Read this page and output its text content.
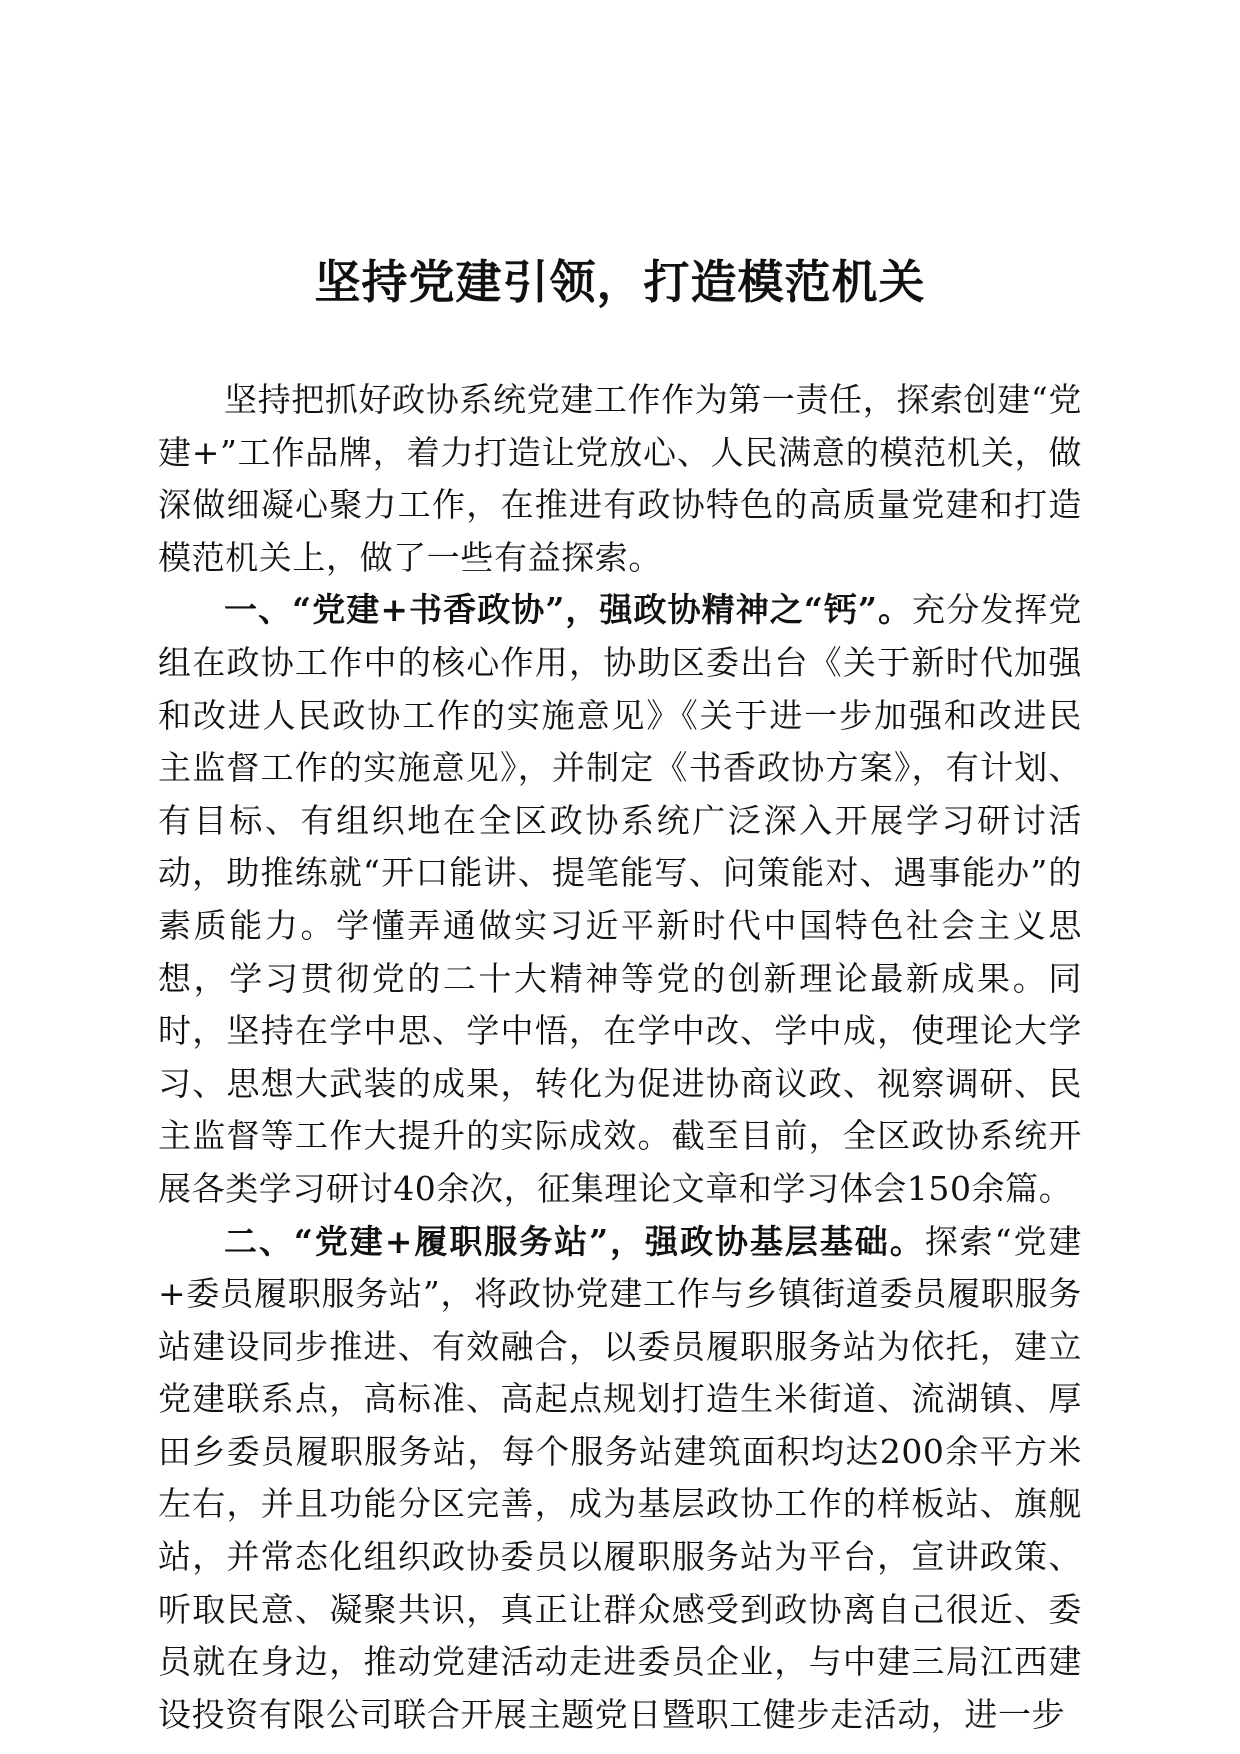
坚持党建引领，打造模范机关

坚持把抓好政协系统党建工作作为第一责任，探索创建“党建+”工作品牌，着力打造让党放心、人民满意的模范机关，做深做细凝心聚力工作，在推进有政协特色的高质量党建和打造模范机关上，做了一些有益探索。

一、“党建+书香政协”，强政协精神之“钙”。充分发挥党组在政协工作中的核心作用，协助区委出台《关于新时代加强和改进人民政协工作的实施意见》《关于进一步加强和改进民主监督工作的实施意见》，并制定《书香政协方案》，有计划、有目标、有组织地在全区政协系统广泛深入开展学习研讨活动，助推练就“开口能讲、提笔能写、问策能对、遇事能办”的素质能力。学懂弄通做实习近平新时代中国特色社会主义思想，学习贯彻党的二十大精神等党的创新理论最新成果。同时，坚持在学中思、学中悟，在学中改、学中成，使理论大学习、思想大武装的成果，转化为促进协商议政、视察调研、民主监督等工作大提升的实际成效。截至目前，全区政协系统开展各类学习研讨40余次，征集理论文章和学习体会150余篇。

二、“党建+履职服务站”，强政协基层基础。探索“党建+委员履职服务站”，将政协党建工作与乡镇街道委员履职服务站建设同步推进、有效融合，以委员履职服务站为依托，建立党建联系点，高标准、高起点规划打造生米街道、流湖镇、厚田乡委员履职服务站，每个服务站建筑面积均达200余平方米左右，并且功能分区完善，成为基层政协工作的样板站、旗舰站，并常态化组织政协委员以履职服务站为平台，宣讲政策、听取民意、凝聚共识，真正让群众感受到政协离自己很近、委员就在身边，推动党建活动走进委员企业，与中建三局江西建设投资有限公司联合开展主题党日暨职工健步走活动，进一步
